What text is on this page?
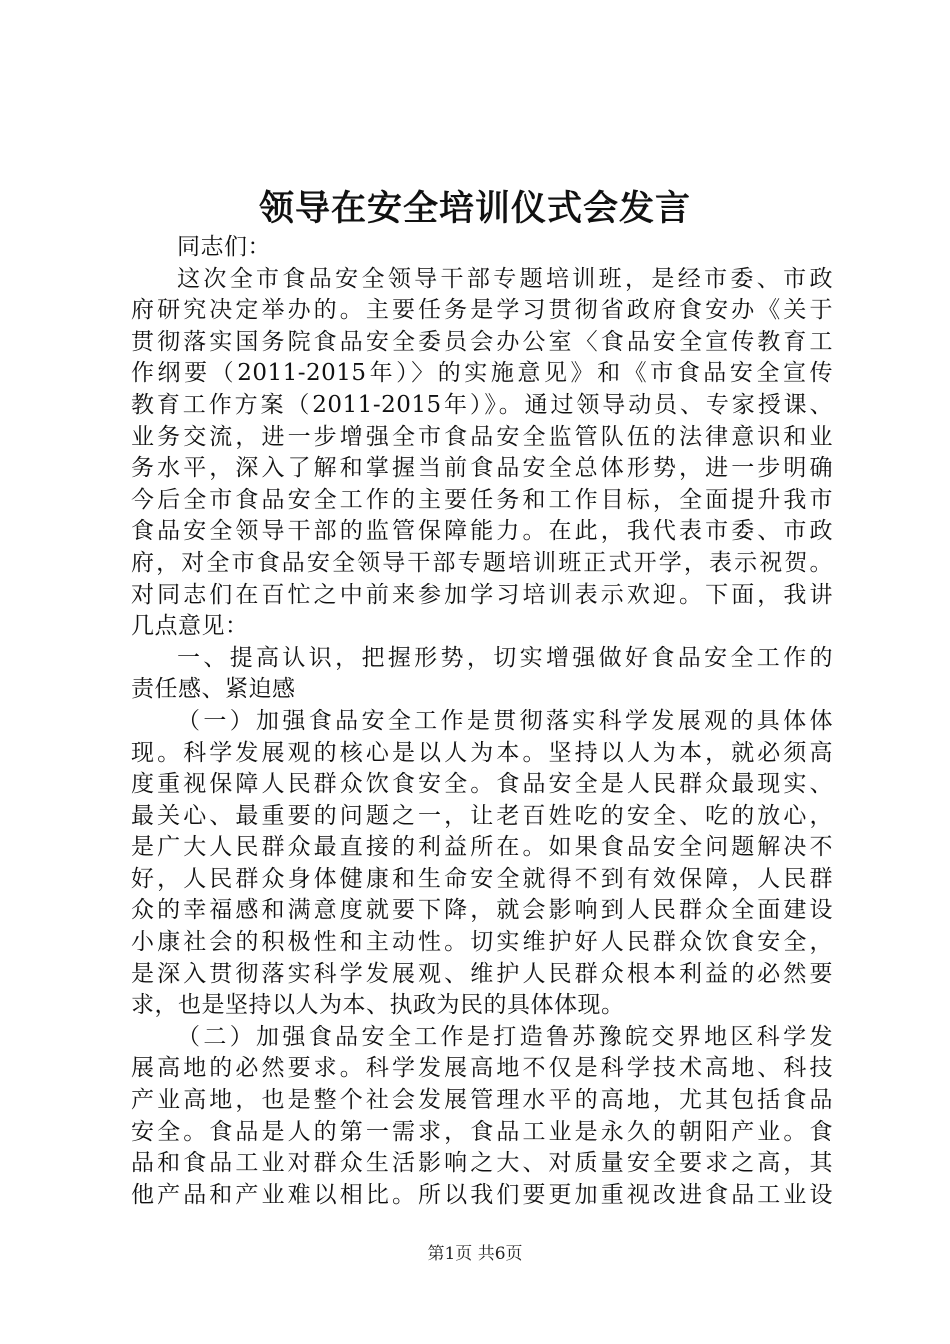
领导在安全培训仪式会发言
同志们：
这次全市食品安全领导干部专题培训班，是经市委、市政
府研究决定举办的。主要任务是学习贯彻省政府食安办《关于
贯彻落实国务院食品安全委员会办公室〈食品安全宣传教育工
作纲要（2011-2015年）〉的实施意见》和《市食品安全宣传
教育工作方案（2011-2015年）》。通过领导动员、专家授课、
业务交流，进一步增强全市食品安全监管队伍的法律意识和业
务水平，深入了解和掌握当前食品安全总体形势，进一步明确
今后全市食品安全工作的主要任务和工作目标，全面提升我市
食品安全领导干部的监管保障能力。在此，我代表市委、市政
府，对全市食品安全领导干部专题培训班正式开学，表示祝贺。
对同志们在百忙之中前来参加学习培训表示欢迎。下面，我讲
几点意见：
一、提高认识，把握形势，切实增强做好食品安全工作的
责任感、紧迫感
（一）加强食品安全工作是贯彻落实科学发展观的具体体
现。科学发展观的核心是以人为本。坚持以人为本，就必须高
度重视保障人民群众饮食安全。食品安全是人民群众最现实、
最关心、最重要的问题之一，让老百姓吃的安全、吃的放心，
是广大人民群众最直接的利益所在。如果食品安全问题解决不
好，人民群众身体健康和生命安全就得不到有效保障，人民群
众的幸福感和满意度就要下降，就会影响到人民群众全面建设
小康社会的积极性和主动性。切实维护好人民群众饮食安全，
是深入贯彻落实科学发展观、维护人民群众根本利益的必然要
求，也是坚持以人为本、执政为民的具体体现。
（二）加强食品安全工作是打造鲁苏豫皖交界地区科学发
展高地的必然要求。科学发展高地不仅是科学技术高地、科技
产业高地，也是整个社会发展管理水平的高地，尤其包括食品
安全。食品是人的第一需求，食品工业是永久的朝阳产业。食
品和食品工业对群众生活影响之大、对质量安全要求之高，其
他产品和产业难以相比。所以我们要更加重视改进食品工业设
第1页 共6页
